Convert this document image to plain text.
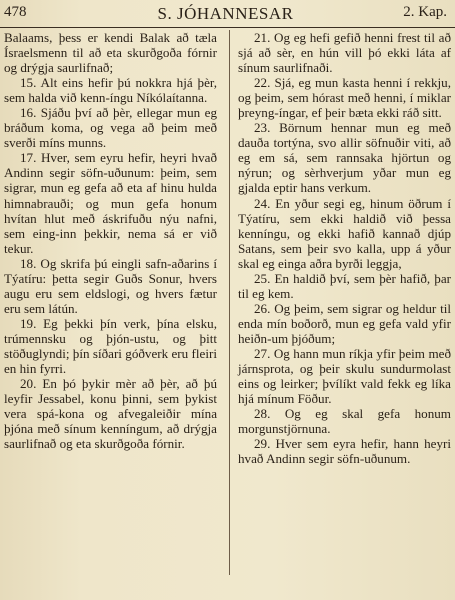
478	S. JÓHANNESAR	2. Kap.

Balaams, þess er kendi Balak að tæla Ísraelsmenn til að eta skurðgoða fórnir og drýgja saurlifnað;

15. Alt eins hefir þú nokkra hjá þèr, sem halda við kenn-íngu Níkólaítanna.

16. Sjáðu því að þèr, ellegar mun eg bráðum koma, og vega að þeim með sverði míns munns.

17. Hver, sem eyru hefir, heyri hvað Andinn segir söfn-uðunum: þeim, sem sigrar, mun eg gefa að eta af hinu hulda himnabrauði; og mun gefa honum hvítan hlut með áskrifuðu nýu nafni, sem eing-inn þekkir, nema sá er við tekur.

18. Og skrifa þú eingli safn-aðarins í Týatíru: þetta segir Guðs Sonur, hvers augu eru sem eldslogi, og hvers fætur eru sem látún.

19. Eg þekki þín verk, þína elsku, trúmennsku og þjón-ustu, og þitt stöðuglyndi; þín síðari góðverk eru fleiri en hin fyrri.

20. En þó þykir mèr að þèr, að þú leyfir Jessabel, konu þinni, sem þykist vera spá-kona og afvegaleiðir mína þjóna með sínum kenníngum, að drýgja saurlifnað og eta skurðgoða fórnir.

21. Og eg hefi gefið henni frest til að sjá að sèr, en hún vill þó ekki láta af sínum saurlifnaði.

22. Sjá, eg mun kasta henni í rekkju, og þeim, sem hórast með henni, í miklar þreyng-íngar, ef þeir bæta ekki ráð sitt.

23. Börnum hennar mun eg með dauða tortýna, svo allir söfnuðir viti, að eg em sá, sem rannsaka hjörtun og nýrun; og sèrhverjum yðar mun eg gjalda eptir hans verkum.

24. En yður segi eg, hinum öðrum í Týatíru, sem ekki haldið við þessa kenníngu, og ekki hafið kannað djúp Satans, sem þeir svo kalla, upp á yður skal eg einga aðra byrði leggja,

25. En haldið því, sem þèr hafið, þar til eg kem.

26. Og þeim, sem sigrar og heldur til enda mín boðorð, mun eg gefa vald yfir heiðn-um þjóðum;

27. Og hann mun ríkja yfir þeim með járnsprota, og þeir skulu sundurmolast eins og leirker; þvílíkt vald fekk eg líka hjá mínum Föður.

28. Og eg skal gefa honum morgunstjörnuna.

29. Hver sem eyra hefir, hann heyri hvað Andinn segir söfn-uðunum.
